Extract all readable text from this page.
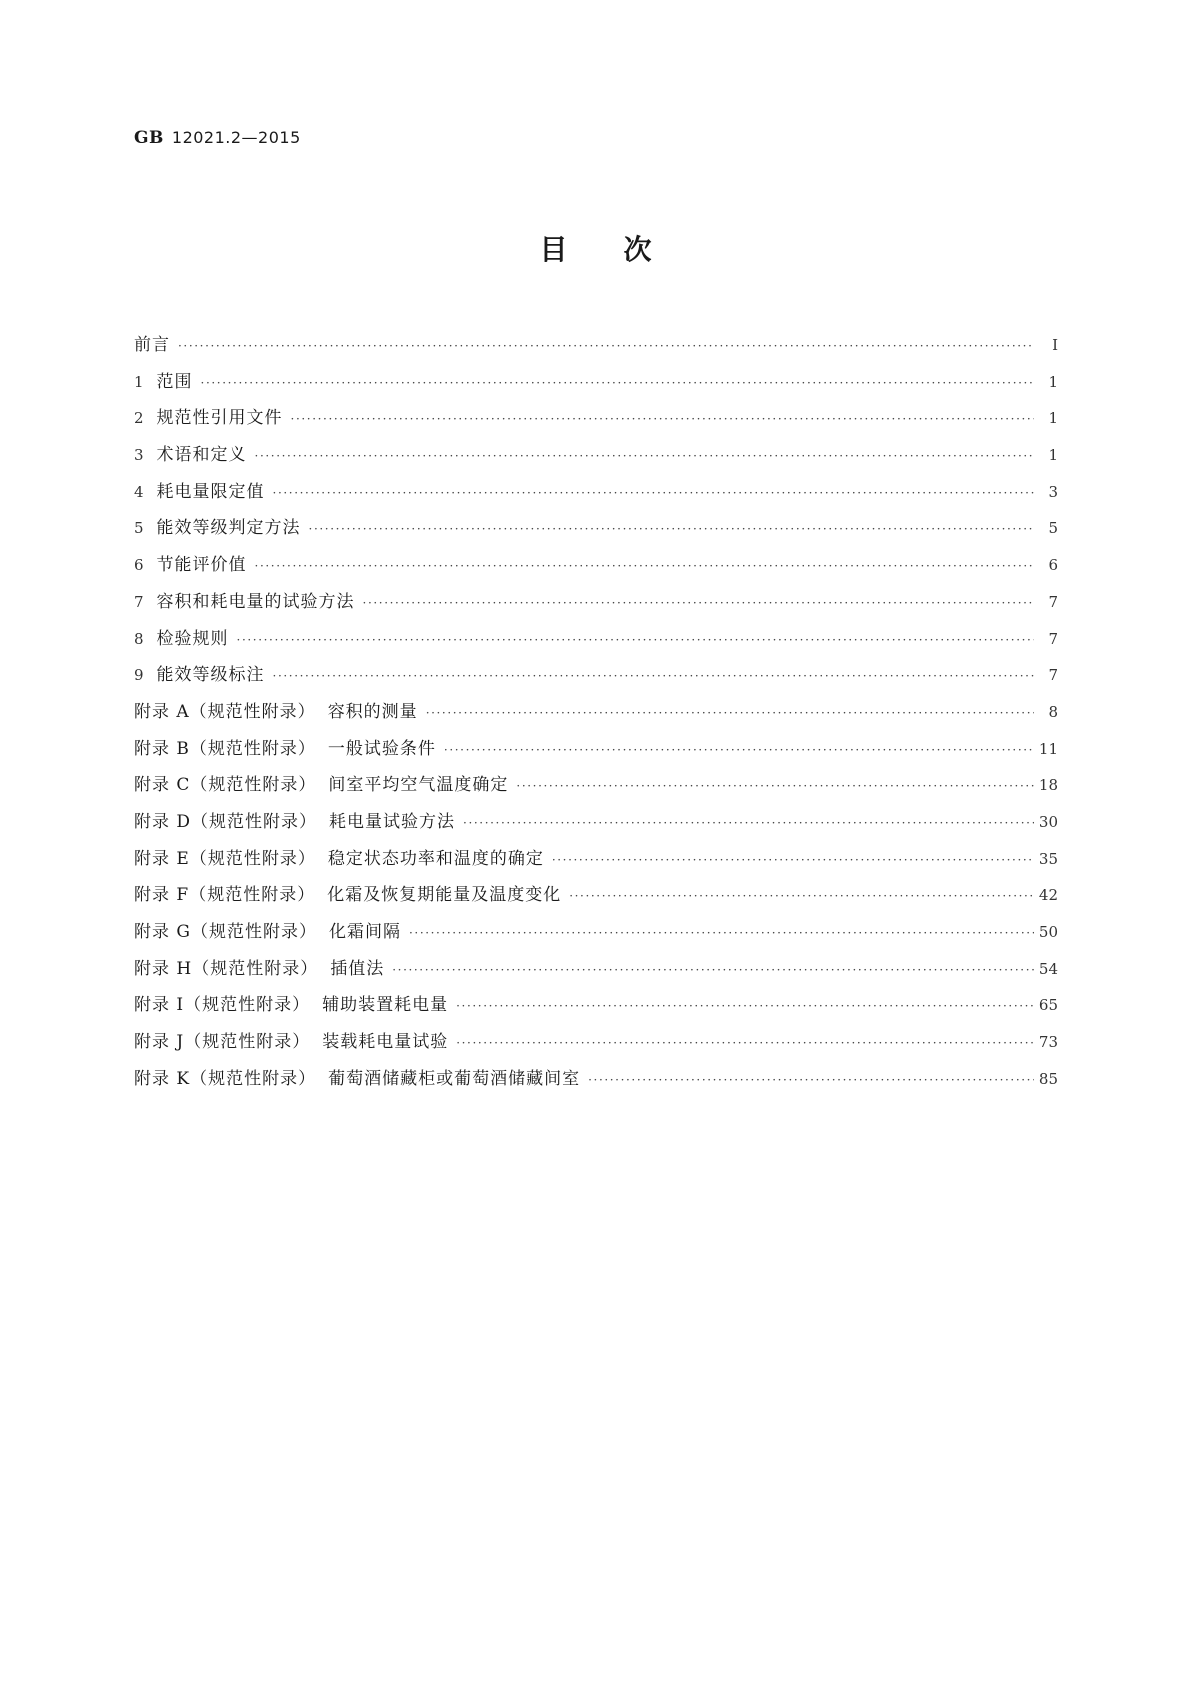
GB 12021.2—2015
目次
前言 ·····	Ⅰ
1 范围 ·····	1
2 规范性引用文件 ·····	1
3 术语和定义 ·····	1
4 耗电量限定值 ·····	3
5 能效等级判定方法 ·····	5
6 节能评价值 ·····	6
7 容积和耗电量的试验方法 ·····	7
8 检验规则 ·····	7
9 能效等级标注 ·····	7
附录 A（规范性附录） 容积的测量 ·····	8
附录 B（规范性附录） 一般试验条件 ·····	11
附录 C（规范性附录） 间室平均空气温度确定 ·····	18
附录 D（规范性附录） 耗电量试验方法 ·····	30
附录 E（规范性附录） 稳定状态功率和温度的确定 ·····	35
附录 F（规范性附录） 化霜及恢复期能量及温度变化 ·····	42
附录 G（规范性附录） 化霜间隔 ·····	50
附录 H（规范性附录） 插值法 ·····	54
附录 I（规范性附录） 辅助装置耗电量 ·····	65
附录 J（规范性附录） 装载耗电量试验 ·····	73
附录 K（规范性附录） 葡萄酒储藏柜或葡萄酒储藏间室 ·····	85
